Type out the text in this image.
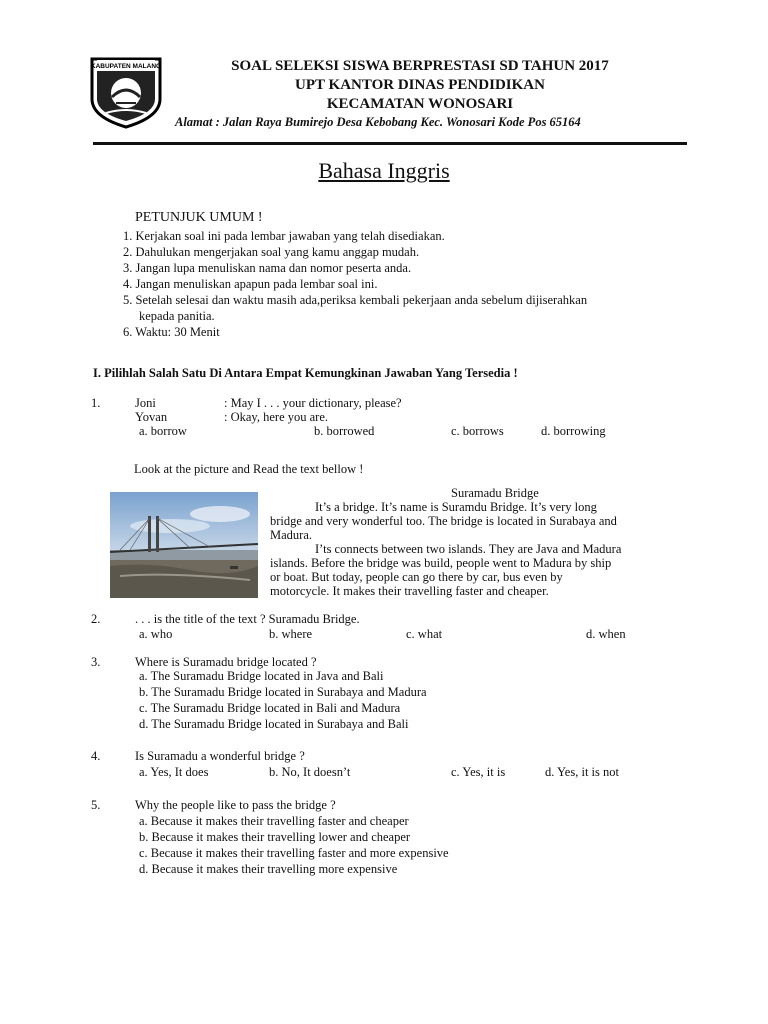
KABUPATEN MALANG	SOAL SELEKSI SISWA BERPRESTASI SD TAHUN 2017
UPT KANTOR DINAS PENDIDIKAN
KECAMATAN WONOSARI
Alamat : Jalan Raya Bumirejo Desa Kebobang Kec. Wonosari Kode Pos 65164
Bahasa Inggris
PETUNJUK UMUM !
1. Kerjakan soal ini pada lembar jawaban yang telah disediakan.
2. Dahulukan mengerjakan soal yang kamu anggap mudah.
3. Jangan lupa menuliskan nama dan nomor peserta anda.
4. Jangan menuliskan apapun pada lembar soal ini.
5. Setelah selesai dan waktu masih ada,periksa kembali pekerjaan anda sebelum dijiserahkan
kepada panitia.
6. Waktu: 30 Menit
I. Pilihlah Salah Satu Di Antara Empat Kemungkinan Jawaban Yang Tersedia !
1.	Joni	: May I . . . your dictionary, please?
Yovan	: Okay, here you are.
a. borrow	b. borrowed	c. borrows	d. borrowing
Look at the picture and Read the text bellow !
Suramadu Bridge
It’s a bridge. It’s name is Suramdu Bridge. It’s very long
bridge and very wonderful too. The bridge is located in Surabaya and
Madura.
I’ts connects between two islands. They are Java and Madura
islands. Before the bridge was build, people went to Madura by ship
or boat. But today, people can go there by car, bus even by
motorcycle. It makes their travelling faster and cheaper.
2.	. . . is the title of the text ? Suramadu Bridge.
a. who	b. where	c. what	d. when
3.	Where is Suramadu bridge located ?
a. The Suramadu Bridge located in Java and Bali
b. The Suramadu Bridge located in Surabaya and Madura
c. The Suramadu Bridge located in Bali and Madura
d. The Suramadu Bridge located in Surabaya and Bali
4.	Is Suramadu a wonderful bridge ?
a. Yes, It does	b. No, It doesn’t	c. Yes, it is	d. Yes, it is not
5.	Why the people like to pass the bridge ?
a. Because it makes their travelling faster and cheaper
b. Because it makes their travelling lower and cheaper
c. Because it makes their travelling faster and more expensive
d. Because it makes their travelling more expensive
